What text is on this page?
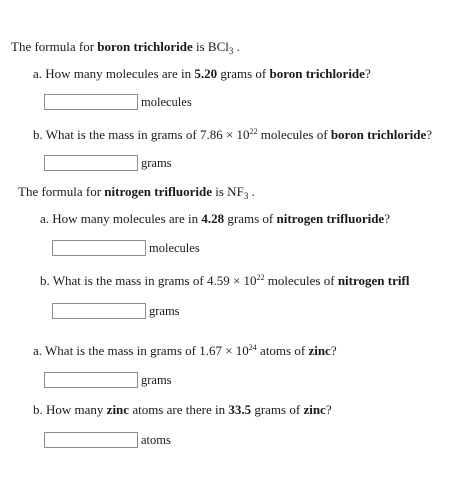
The formula for boron trichloride is BCl$_3$ .
a. How many molecules are in 5.20 grams of boron trichloride?
molecules
b. What is the mass in grams of $7.86 \times 10^{22}$ molecules of boron trichloride?
grams
The formula for nitrogen trifluoride is $NF_3$ .
a. How many molecules are in 4.28 grams of nitrogen trifluoride?
molecules
b. What is the mass in grams of $4.59 \times 10^{22}$ molecules of nitrogen trifl
grams
a. What is the mass in grams of $1.67 \times 10^{24}$ atoms of zinc?
grams
b. How many zinc atoms are there in 33.5 grams of zinc?
atoms
